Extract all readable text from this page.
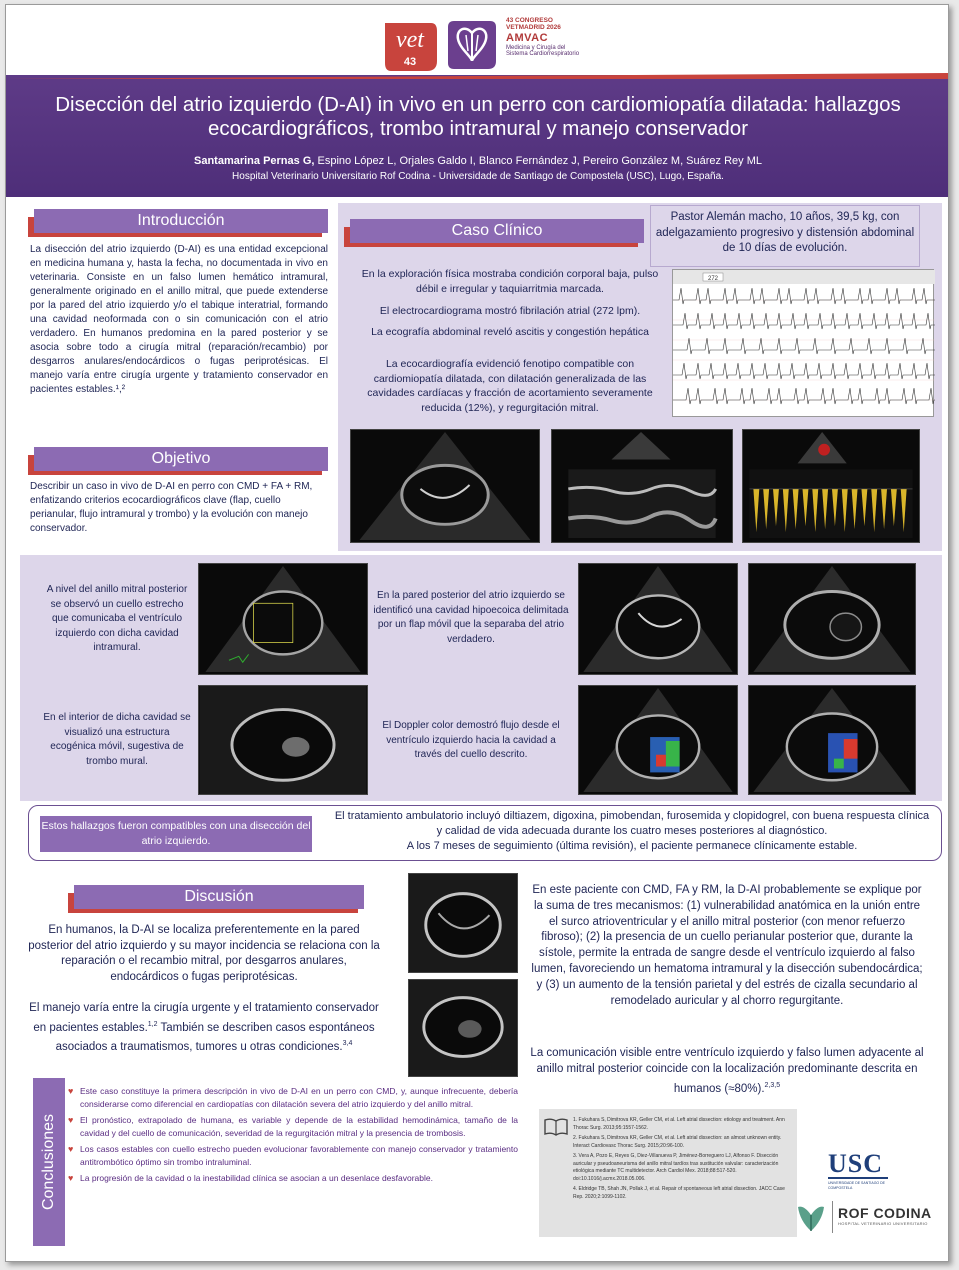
vet
43
43 CONGRESO
VETMADRID 2026
AMVAC
Medicina y Cirugía del Sistema Cardiorrespiratorio
Disección del atrio izquierdo (D-AI) in vivo en un perro con cardiomiopatía dilatada: hallazgos ecocardiográficos, trombo intramural y manejo conservador
Santamarina Pernas G, Espino López L, Orjales Galdo I, Blanco Fernández J, Pereiro González M, Suárez Rey ML
Hospital Veterinario Universitario Rof Codina - Universidade de Santiago de Compostela (USC), Lugo, España.
Introducción
La disección del atrio izquierdo (D-AI) es una entidad excepcional en medicina humana y, hasta la fecha, no documentada in vivo en veterinaria. Consiste en un falso lumen hemático intramural, generalmente originado en el anillo mitral, que puede extenderse por la pared del atrio izquierdo y/o el tabique interatrial, formando una cavidad neoformada con o sin comunicación con el atrio verdadero. En humanos predomina en la pared posterior y se asocia sobre todo a cirugía mitral (reparación/recambio) por desgarros anulares/endocárdicos o fugas periprotésicas. El manejo varía entre cirugía urgente y tratamiento conservador en pacientes estables.¹,²
Objetivo
Describir un caso in vivo de D-AI en perro con CMD + FA + RM, enfatizando criterios ecocardiográficos clave (flap, cuello perianular, flujo intramural y trombo) y la evolución con manejo conservador.
Caso Clínico
Pastor Alemán macho, 10 años, 39,5 kg, con adelgazamiento progresivo y distensión abdominal de 10 días de evolución.
En la exploración física mostraba condición corporal baja, pulso débil e irregular y taquiarritmia marcada.
El electrocardiograma mostró fibrilación atrial (272 lpm).
La ecografía abdominal reveló ascitis y congestión hepática
La ecocardiografía evidenció fenotipo compatible con cardiomiopatía dilatada, con dilatación generalizada de las cavidades cardíacas y fracción de acortamiento severamente reducida (12%), y regurgitación mitral.
272
A nivel del anillo mitral posterior se observó un cuello estrecho que comunicaba el ventrículo izquierdo con dicha cavidad intramural.
En la pared posterior del atrio izquierdo se identificó una cavidad hipoecoica delimitada por un flap móvil que la separaba del atrio verdadero.
En el interior de dicha cavidad se visualizó una estructura ecogénica móvil, sugestiva de trombo mural.
El Doppler color demostró flujo desde el ventrículo izquierdo hacia la cavidad a través del cuello descrito.
Estos hallazgos fueron compatibles con una disección del atrio izquierdo.
El tratamiento ambulatorio incluyó diltiazem, digoxina, pimobendan, furosemida y clopidogrel, con buena respuesta clínica y calidad de vida adecuada durante los cuatro meses posteriores al diagnóstico.
A los 7 meses de seguimiento (última revisión), el paciente permanece clínicamente estable.
Discusión
En humanos, la D-AI se localiza preferentemente en la pared posterior del atrio izquierdo y su mayor incidencia se relaciona con la reparación o el recambio mitral, por desgarros anulares, endocárdicos o fugas periprotésicas.
El manejo varía entre la cirugía urgente y el tratamiento conservador en pacientes estables.$^{1,2}$ También se describen casos espontáneos asociados a traumatismos, tumores u otras condiciones.$^{3,4}$
En este paciente con CMD, FA y RM, la D-AI probablemente se explique por la suma de tres mecanismos: (1) vulnerabilidad anatómica en la unión entre el surco atrioventricular y el anillo mitral posterior (con menor refuerzo fibroso); (2) la presencia de un cuello perianular posterior que, durante la sístole, permite la entrada de sangre desde el ventrículo izquierdo al falso lumen, favoreciendo un hematoma intramural y la disección subendocárdica; y (3) un aumento de la tensión parietal y del estrés de cizalla secundario al remodelado auricular y al chorro regurgitante.
La comunicación visible entre ventrículo izquierdo y falso lumen adyacente al anillo mitral posterior coincide con la localización predominante descrita en humanos (≈80%).$^{2,3,5}$
Conclusiones
♥ Este caso constituye la primera descripción in vivo de D-AI en un perro con CMD, y, aunque infrecuente, debería considerarse como diferencial en cardiopatías con dilatación severa del atrio izquierdo y del anillo mitral.
♥ El pronóstico, extrapolado de humana, es variable y depende de la estabilidad hemodinámica, tamaño de la cavidad y del cuello de comunicación, severidad de la regurgitación mitral y la presencia de trombosis.
♥ Los casos estables con cuello estrecho pueden evolucionar favorablemente con manejo conservador y tratamiento antitrombótico óptimo sin trombo intraluminal.
♥ La progresión de la cavidad o la inestabilidad clínica se asocian a un desenlace desfavorable.
1. Fukuhara S, Dimitrova KR, Geller CM, et al. Left atrial dissection: etiology and treatment. Ann Thorac Surg. 2013;95:1557-1562.
2. Fukuhara S, Dimitrova KR, Geller CM, et al. Left atrial dissection: an almost unknown entity. Interact Cardiovasc Thorac Surg. 2015;20:96-100.
3. Vera A, Pozo E, Reyes G, Diez-Villanueva P, Jiménez-Borreguero LJ, Alfonso F. Disección auricular y pseudoaneurisma del anillo mitral tardíos tras sustitución valvular: caracterización etiológica mediante TC multidetector. Arch Cardiol Mex. 2018;88:517-520. doi:10.1016/j.acmx.2018.05.006.
4. Eldridge TB, Shah JN, Pollak J, et al. Repair of spontaneous left atrial dissection. JACC Case Rep. 2020;2:1099-1102.
USC
UNIVERSIDADE DE SANTIAGO DE COMPOSTELA
ROF CODINA
HOSPITAL VETERINARIO UNIVERSITARIO
